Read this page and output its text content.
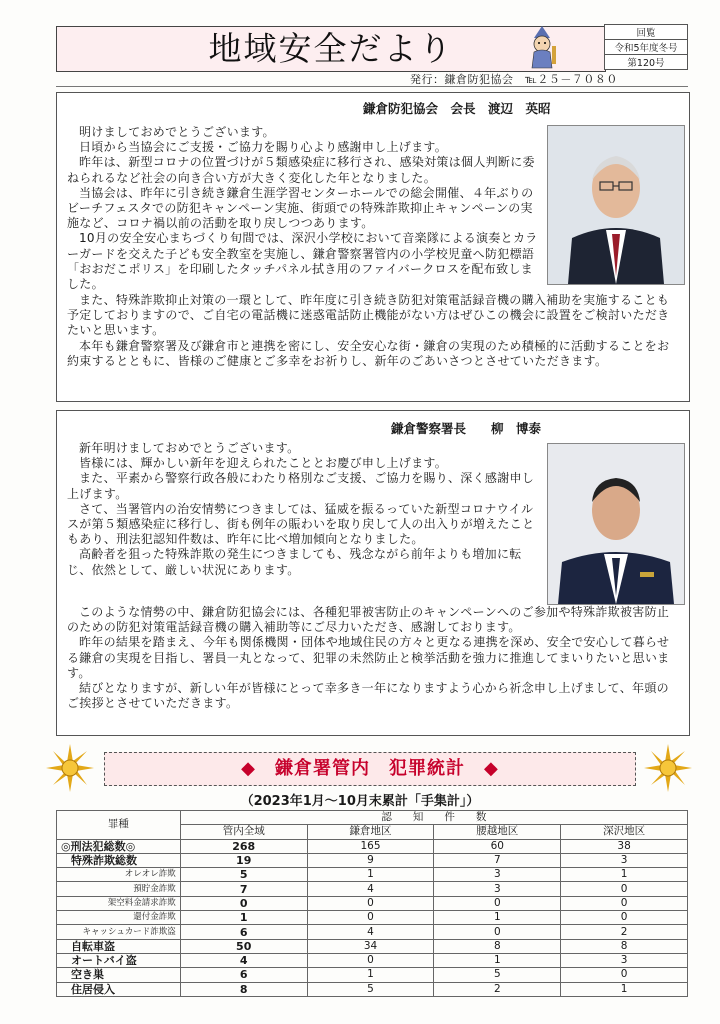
地域安全だより	回覧
令和5年度冬号
第120号
発行：鎌倉防犯協会　℡２５－７０８０
鎌倉防犯協会　会長　渡辺　英昭

明けましておめでとうございます。

日頃から当協会にご支援・ご協力を賜り心より感謝申し上げます。

昨年は、新型コロナの位置づけが５類感染症に移行され、感染対策は個人判断に委ねられるなど社会の向き合い方が大きく変化した年となりました。

当協会は、昨年に引き続き鎌倉生涯学習センターホールでの総会開催、４年ぶりのビーチフェスタでの防犯キャンペーン実施、街頭での特殊詐欺抑止キャンペーンの実施など、コロナ禍以前の活動を取り戻しつつあります。

10月の安全安心まちづくり旬間では、深沢小学校において音楽隊による演奏とカラーガードを交えた子ども安全教室を実施し、鎌倉警察署管内の小学校児童へ防犯標語「おおだこポリス」を印刷したタッチパネル拭き用のファイバークロスを配布致しました。

また、特殊詐欺抑止対策の一環として、昨年度に引き続き防犯対策電話録音機の購入補助を実施することも予定しておりますので、ご自宅の電話機に迷惑電話防止機能がない方はぜひこの機会に設置をご検討いただきたいと思います。

本年も鎌倉警察署及び鎌倉市と連携を密にし、安全安心な街・鎌倉の実現のため積極的に活動することをお約束するとともに、皆様のご健康とご多幸をお祈りし、新年のごあいさつとさせていただきます。

鎌倉警察署長　　柳　博泰

新年明けましておめでとうございます。

皆様には、輝かしい新年を迎えられたこととお慶び申し上げます。

また、平素から警察行政各般にわたり格別なご支援、ご協力を賜り、深く感謝申し上げます。

さて、当署管内の治安情勢につきましては、猛威を振るっていた新型コロナウイルスが第５類感染症に移行し、街も例年の賑わいを取り戻して人の出入りが増えたこともあり、刑法犯認知件数は、昨年に比べ増加傾向となりました。

高齢者を狙った特殊詐欺の発生につきましても、残念ながら前年よりも増加に転じ、依然として、厳しい状況にあります。

このような情勢の中、鎌倉防犯協会には、各種犯罪被害防止のキャンペーンへのご参加や特殊詐欺被害防止のための防犯対策電話録音機の購入補助等にご尽力いただき、感謝しております。

昨年の結果を踏まえ、今年も関係機関・団体や地域住民の方々と更なる連携を深め、安全で安心して暮らせる鎌倉の実現を目指し、署員一丸となって、犯罪の未然防止と検挙活動を強力に推進してまいりたいと思います。

結びとなりますが、新しい年が皆様にとって幸多き一年になりますよう心から祈念申し上げまして、年頭のご挨拶とさせていただきます。

◆　鎌倉署管内　犯罪統計　◆
（2023年1月～10月末累計「手集計」）
罪種	認　　知　　件　　数			
	管内全域	鎌倉地区	腰越地区	深沢地区
◎刑法犯総数◎	268	165	60	38
特殊詐欺総数	19	9	7	3
オレオレ詐欺	5	1	3	1
預貯金詐欺	7	4	3	0
架空料金請求詐欺	0	0	0	0
還付金詐欺	1	0	1	0
キャッシュカード詐欺盗	6	4	0	2
自転車盗	50	34	8	8
オートバイ盗	4	0	1	3
空き巣	6	1	5	0
住居侵入	8	5	2	1
